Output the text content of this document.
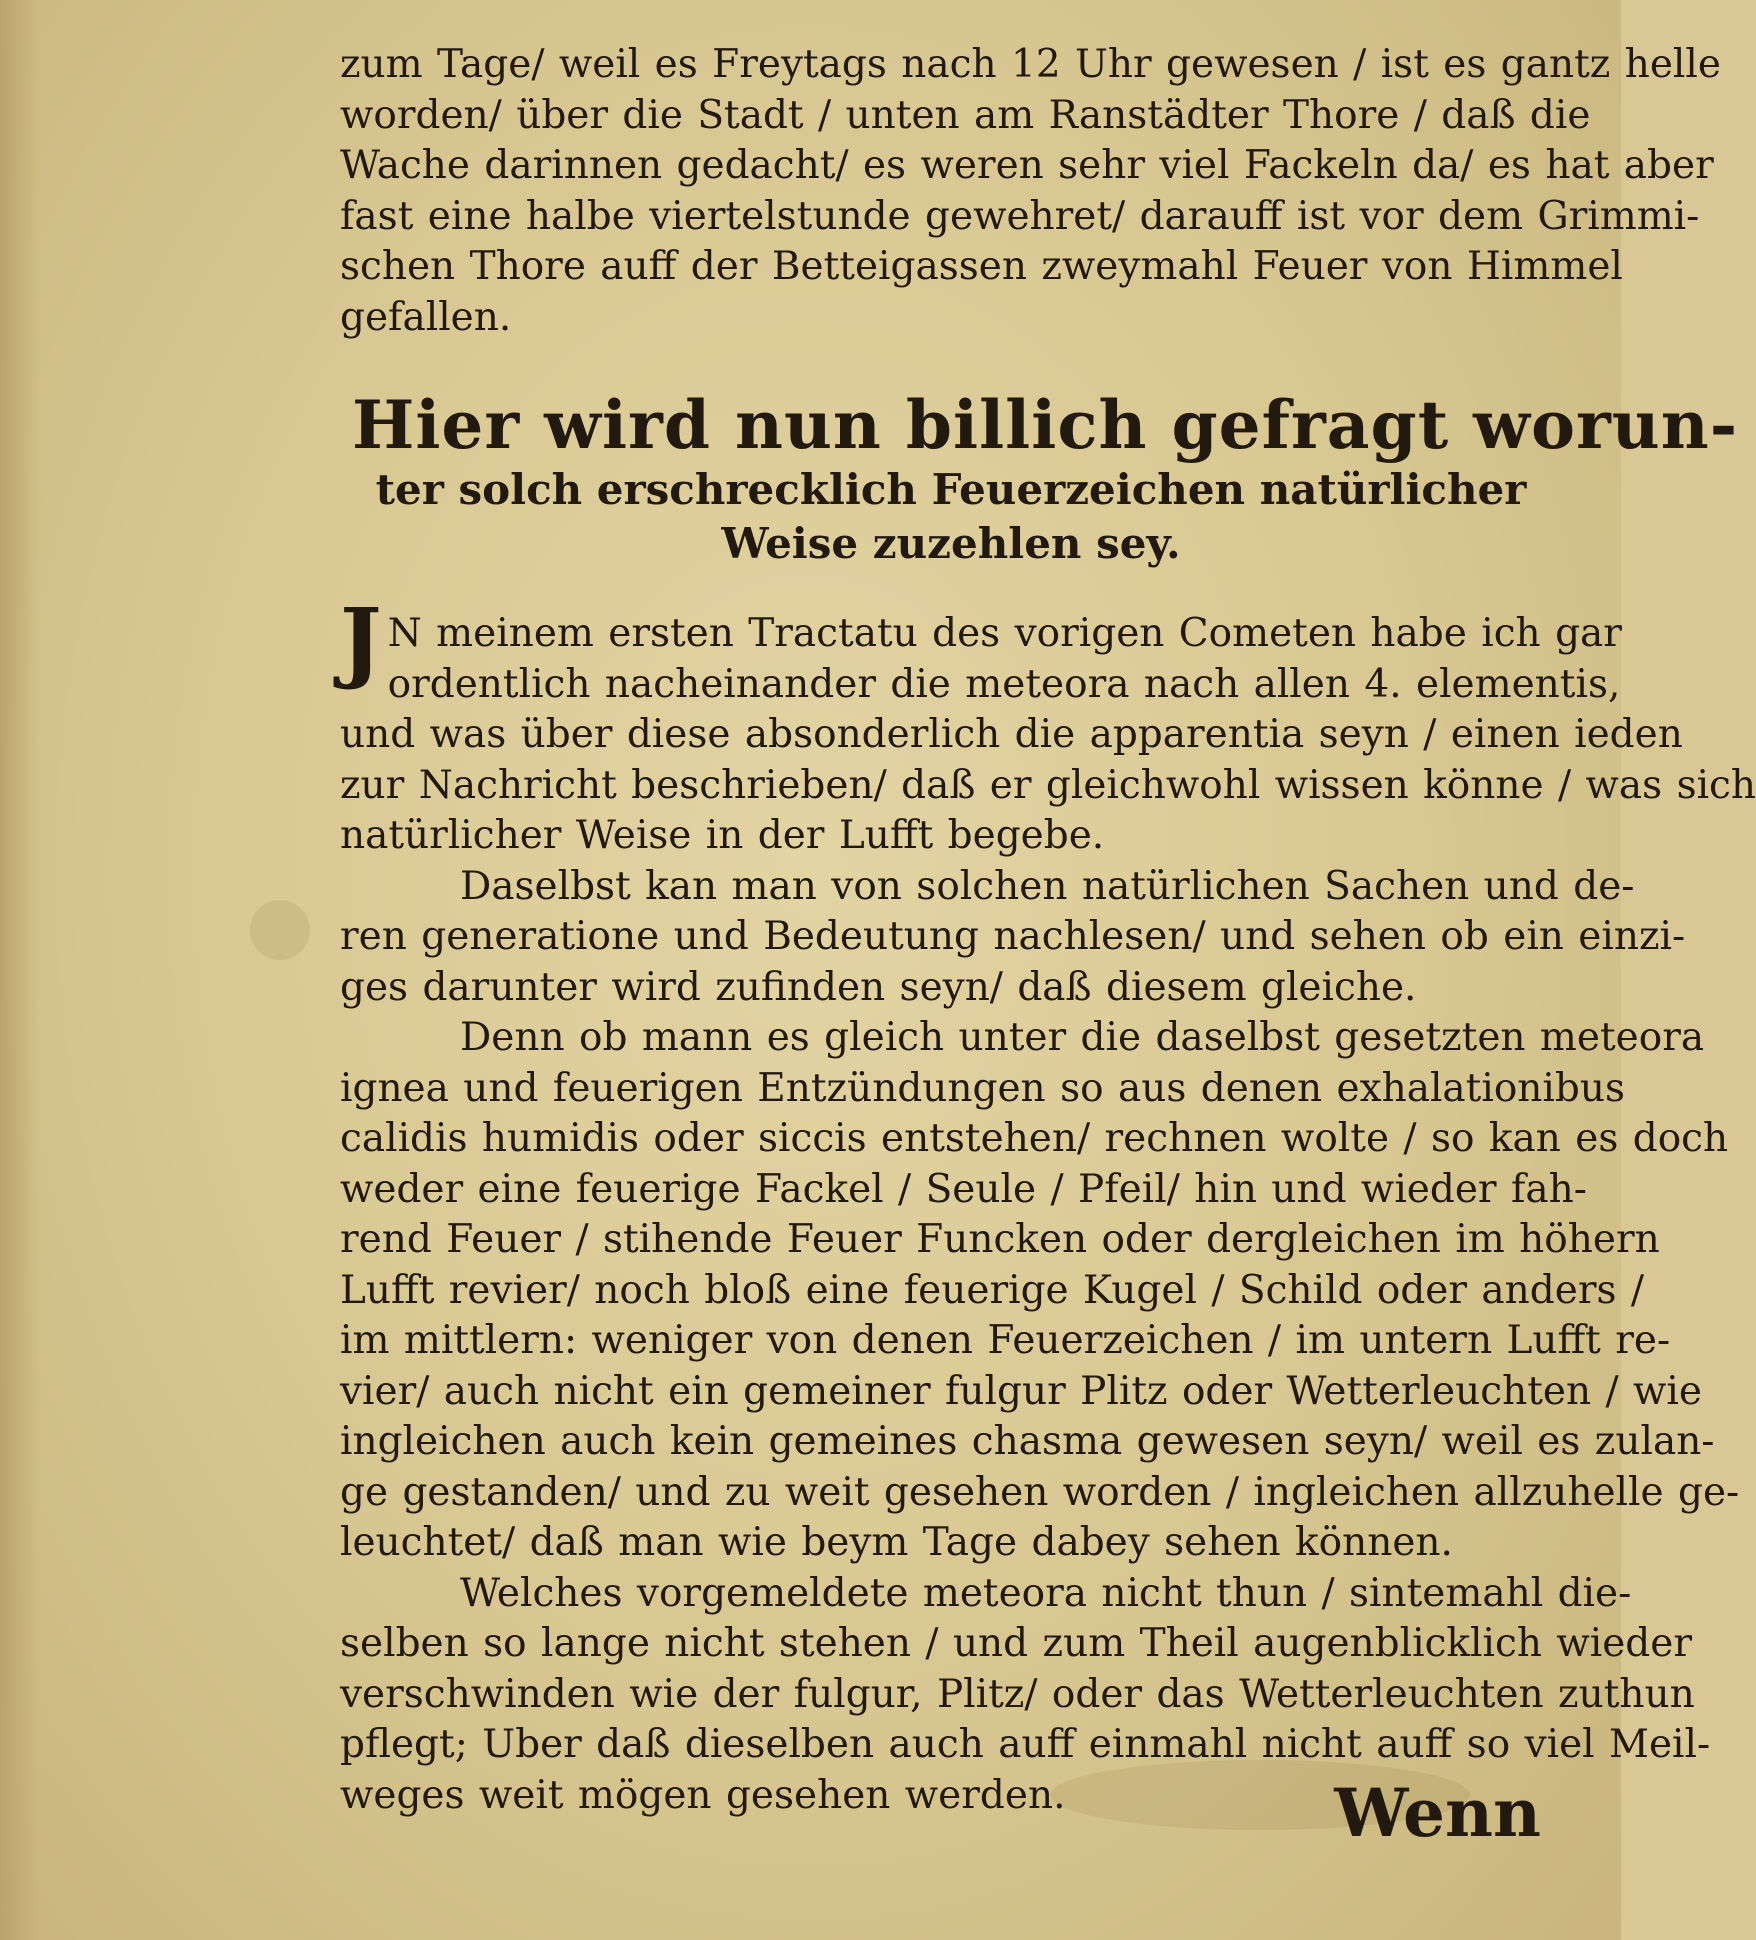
zum Tage/ weil es Freytags nach 12 Uhr gewesen / ist es gantz helle
worden/ über die Stadt / unten am Ranstädter Thore / daß die
Wache darinnen gedacht/ es weren sehr viel Fackeln da/ es hat aber
fast eine halbe viertelstunde gewehret/ darauff ist vor dem Grimmi-
schen Thore auff der Betteigassen zweymahl Feuer von Himmel
gefallen.
Hier wird nun billich gefragt worun-
ter solch erschrecklich Feuerzeichen natürlicher
Weise zuzehlen sey.
J N meinem ersten Tractatu des vorigen Cometen habe ich gar
ordentlich nacheinander die meteora nach allen 4. elementis,
und was über diese absonderlich die apparentia seyn / einen ieden
zur Nachricht beschrieben/ daß er gleichwohl wissen könne / was sich
natürlicher Weise in der Lufft begebe.
Daselbst kan man von solchen natürlichen Sachen und de-
ren generatione und Bedeutung nachlesen/ und sehen ob ein einzi-
ges darunter wird zufinden seyn/ daß diesem gleiche.
Denn ob mann es gleich unter die daselbst gesetzten meteora
ignea und feuerigen Entzündungen so aus denen exhalationibus
calidis humidis oder siccis entstehen/ rechnen wolte / so kan es doch
weder eine feuerige Fackel / Seule / Pfeil/ hin und wieder fah-
rend Feuer / stihende Feuer Funcken oder dergleichen im höhern
Lufft revier/ noch bloß eine feuerige Kugel / Schild oder anders /
im mittlern: weniger von denen Feuerzeichen / im untern Lufft re-
vier/ auch nicht ein gemeiner fulgur Plitz oder Wetterleuchten / wie
ingleichen auch kein gemeines chasma gewesen seyn/ weil es zulan-
ge gestanden/ und zu weit gesehen worden / ingleichen allzuhelle ge-
leuchtet/ daß man wie beym Tage dabey sehen können.
Welches vorgemeldete meteora nicht thun / sintemahl die-
selben so lange nicht stehen / und zum Theil augenblicklich wieder
verschwinden wie der fulgur, Plitz/ oder das Wetterleuchten zuthun
pflegt; Uber daß dieselben auch auff einmahl nicht auff so viel Meil-
weges weit mögen gesehen werden.	Wenn
